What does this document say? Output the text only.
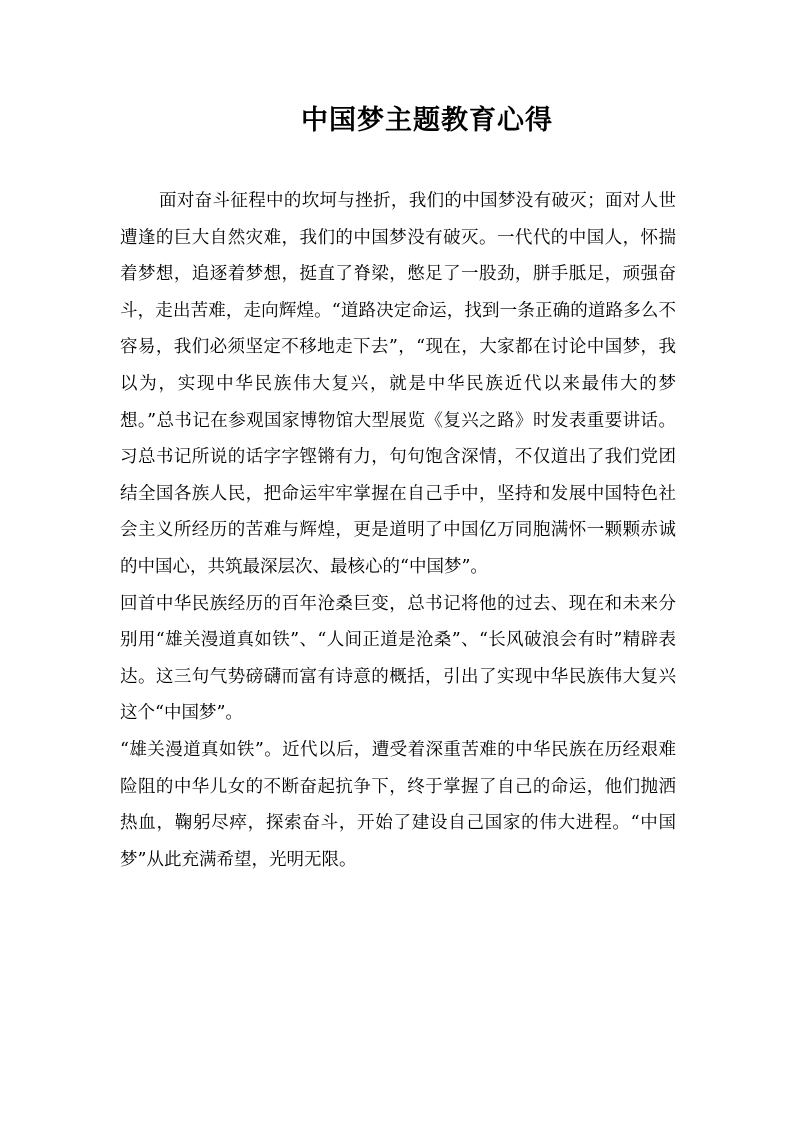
中国梦主题教育心得

面对奋斗征程中的坎坷与挫折，我们的中国梦没有破灭；面对人世遭逢的巨大自然灾难，我们的中国梦没有破灭。一代代的中国人，怀揣着梦想，追逐着梦想，挺直了脊梁，憋足了一股劲，胼手胝足，顽强奋斗，走出苦难，走向辉煌。“道路决定命运，找到一条正确的道路多么不容易，我们必须坚定不移地走下去”，“现在，大家都在讨论中国梦，我以为，实现中华民族伟大复兴，就是中华民族近代以来最伟大的梦想。”总书记在参观国家博物馆大型展览《复兴之路》时发表重要讲话。习总书记所说的话字字铿锵有力，句句饱含深情，不仅道出了我们党团结全国各族人民，把命运牢牢掌握在自己手中，坚持和发展中国特色社会主义所经历的苦难与辉煌，更是道明了中国亿万同胞满怀一颗颗赤诚的中国心，共筑最深层次、最核心的“中国梦”。

回首中华民族经历的百年沧桑巨变，总书记将他的过去、现在和未来分别用“雄关漫道真如铁”、“人间正道是沧桑”、“长风破浪会有时”精辟表达。这三句气势磅礴而富有诗意的概括，引出了实现中华民族伟大复兴这个“中国梦”。

“雄关漫道真如铁”。近代以后，遭受着深重苦难的中华民族在历经艰难险阻的中华儿女的不断奋起抗争下，终于掌握了自己的命运，他们抛洒热血，鞠躬尽瘁，探索奋斗，开始了建设自己国家的伟大进程。“中国梦”从此充满希望，光明无限。
